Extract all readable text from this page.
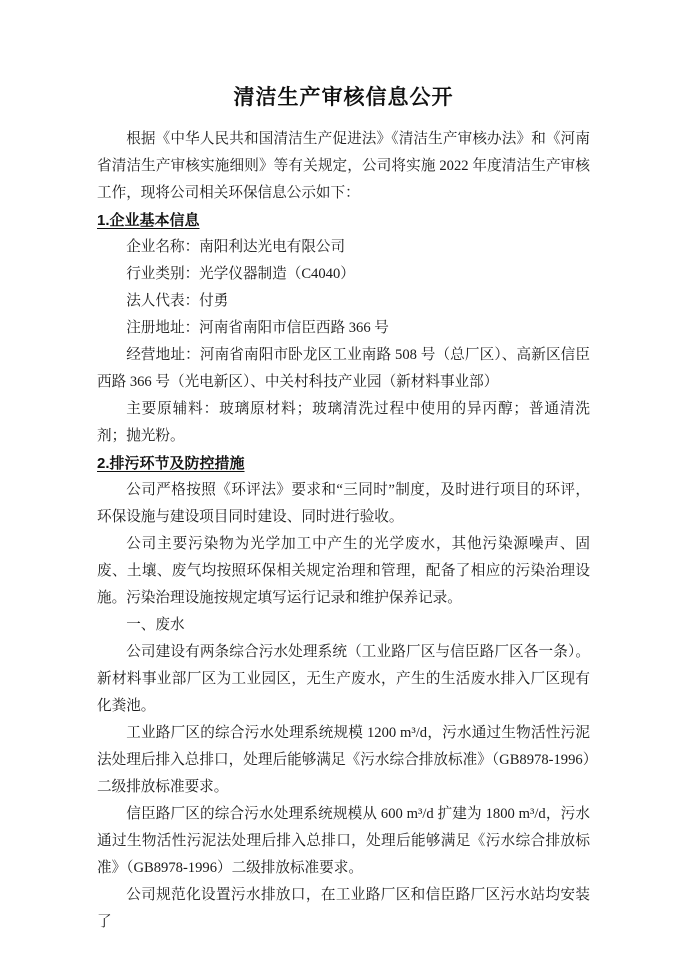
清洁生产审核信息公开

根据《中华人民共和国清洁生产促进法》《清洁生产审核办法》和《河南省清洁生产审核实施细则》等有关规定，公司将实施 2022 年度清洁生产审核工作，现将公司相关环保信息公示如下：

1.企业基本信息

企业名称：南阳利达光电有限公司

行业类别：光学仪器制造（C4040）

法人代表：付勇

注册地址：河南省南阳市信臣西路 366 号

经营地址：河南省南阳市卧龙区工业南路 508 号（总厂区）、高新区信臣西路 366 号（光电新区）、中关村科技产业园（新材料事业部）

主要原辅料：玻璃原材料；玻璃清洗过程中使用的异丙醇；普通清洗剂；抛光粉。

2.排污环节及防控措施

公司严格按照《环评法》要求和“三同时”制度，及时进行项目的环评，环保设施与建设项目同时建设、同时进行验收。

公司主要污染物为光学加工中产生的光学废水，其他污染源噪声、固废、土壤、废气均按照环保相关规定治理和管理，配备了相应的污染治理设施。污染治理设施按规定填写运行记录和维护保养记录。

一、废水

公司建设有两条综合污水处理系统（工业路厂区与信臣路厂区各一条）。新材料事业部厂区为工业园区，无生产废水，产生的生活废水排入厂区现有化粪池。

工业路厂区的综合污水处理系统规模 1200 m³/d，污水通过生物活性污泥法处理后排入总排口，处理后能够满足《污水综合排放标准》（GB8978-1996）二级排放标准要求。

信臣路厂区的综合污水处理系统规模从 600 m³/d 扩建为 1800 m³/d，污水通过生物活性污泥法处理后排入总排口，处理后能够满足《污水综合排放标准》（GB8978-1996）二级排放标准要求。

公司规范化设置污水排放口，在工业路厂区和信臣路厂区污水站均安装了
